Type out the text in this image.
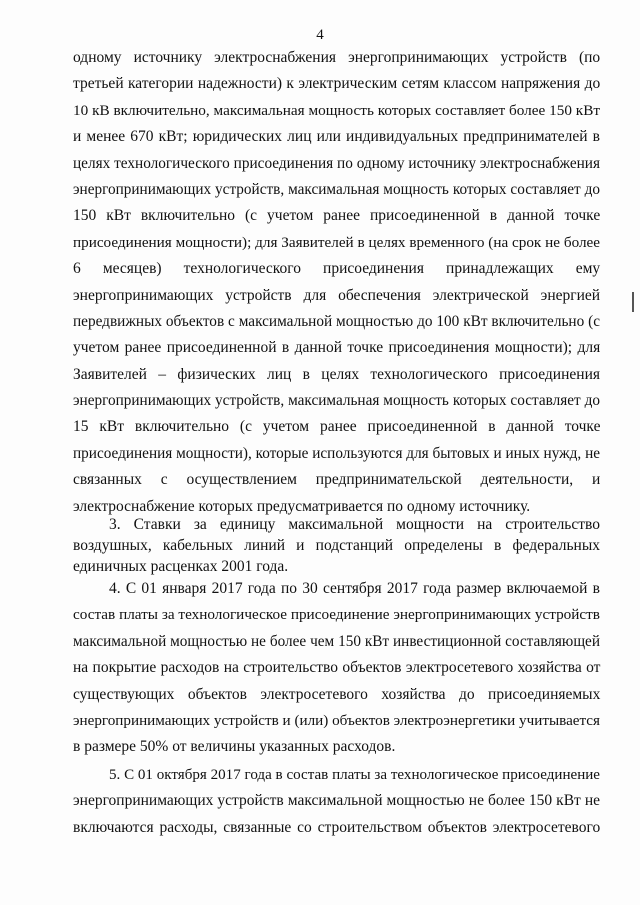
4
одному источнику электроснабжения энергопринимающих устройств (по
третьей категории надежности) к электрическим сетям классом напряжения до
10 кВ включительно, максимальная мощность которых составляет более 150 кВт
и менее 670 кВт; юридических лиц или индивидуальных предпринимателей в
целях технологического присоединения по одному источнику электроснабжения
энергопринимающих устройств, максимальная мощность которых составляет до
150 кВт включительно (с учетом ранее присоединенной в данной точке
присоединения мощности); для Заявителей в целях временного (на срок не более
6 месяцев) технологического присоединения принадлежащих ему
энергопринимающих устройств для обеспечения электрической энергией
передвижных объектов с максимальной мощностью до 100 кВт включительно (с
учетом ранее присоединенной в данной точке присоединения мощности); для
Заявителей – физических лиц в целях технологического присоединения
энергопринимающих устройств, максимальная мощность которых составляет до
15 кВт включительно (с учетом ранее присоединенной в данной точке
присоединения мощности), которые используются для бытовых и иных нужд, не
связанных с осуществлением предпринимательской деятельности, и
электроснабжение которых предусматривается по одному источнику.
3. Ставки за единицу максимальной мощности на строительство
воздушных, кабельных линий и подстанций определены в федеральных
единичных расценках 2001 года.
4. С 01 января 2017 года по 30 сентября 2017 года размер включаемой в
состав платы за технологическое присоединение энергопринимающих устройств
максимальной мощностью не более чем 150 кВт инвестиционной составляющей
на покрытие расходов на строительство объектов электросетевого хозяйства от
существующих объектов электросетевого хозяйства до присоединяемых
энергопринимающих устройств и (или) объектов электроэнергетики учитывается
в размере 50% от величины указанных расходов.
5. С 01 октября 2017 года в состав платы за технологическое присоединение
энергопринимающих устройств максимальной мощностью не более 150 кВт не
включаются расходы, связанные со строительством объектов электросетевого
